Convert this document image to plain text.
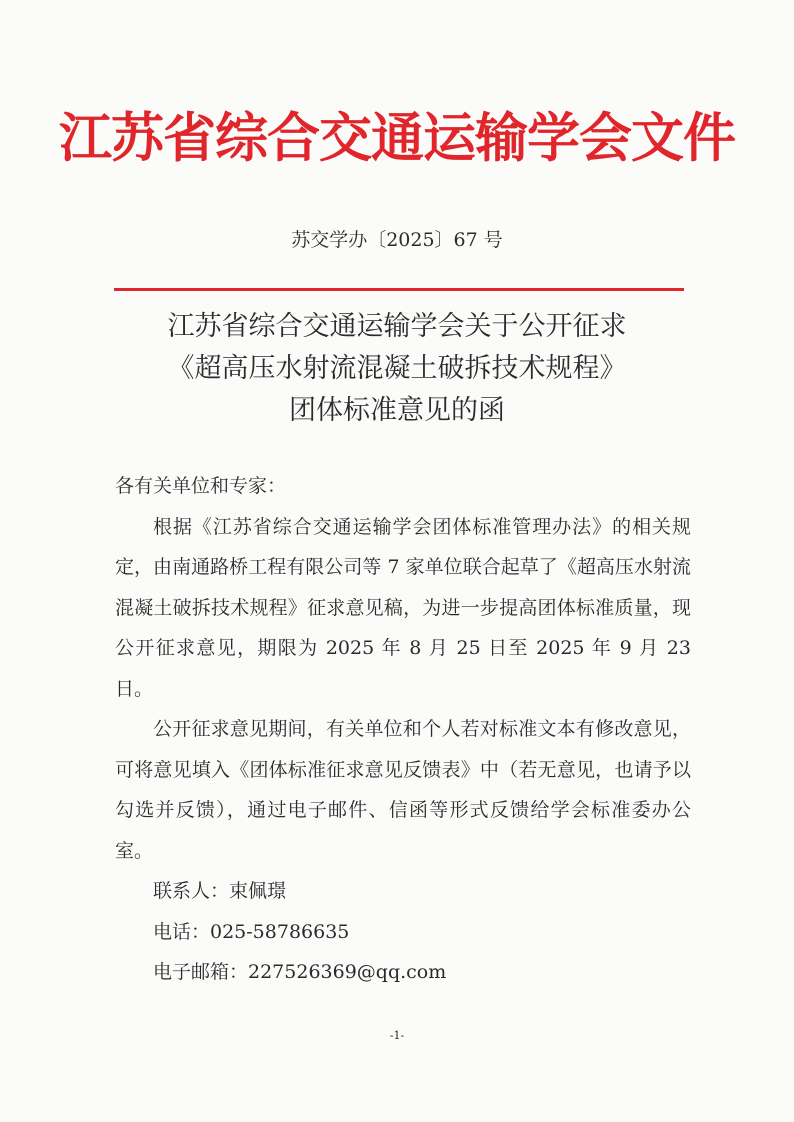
江苏省综合交通运输学会文件
苏交学办〔2025〕67 号
江苏省综合交通运输学会关于公开征求
《超高压水射流混凝土破拆技术规程》
团体标准意见的函

各有关单位和专家：

根据《江苏省综合交通运输学会团体标准管理办法》的相关规定，由南通路桥工程有限公司等 7 家单位联合起草了《超高压水射流混凝土破拆技术规程》征求意见稿，为进一步提高团体标准质量，现公开征求意见，期限为 2025 年 8 月 25 日至 2025 年 9 月 23 日。

公开征求意见期间，有关单位和个人若对标准文本有修改意见，可将意见填入《团体标准征求意见反馈表》中（若无意见，也请予以勾选并反馈），通过电子邮件、信函等形式反馈给学会标准委办公室。

联系人：束佩璟

电话：025-58786635

电子邮箱：227526369@qq.com

-1-
